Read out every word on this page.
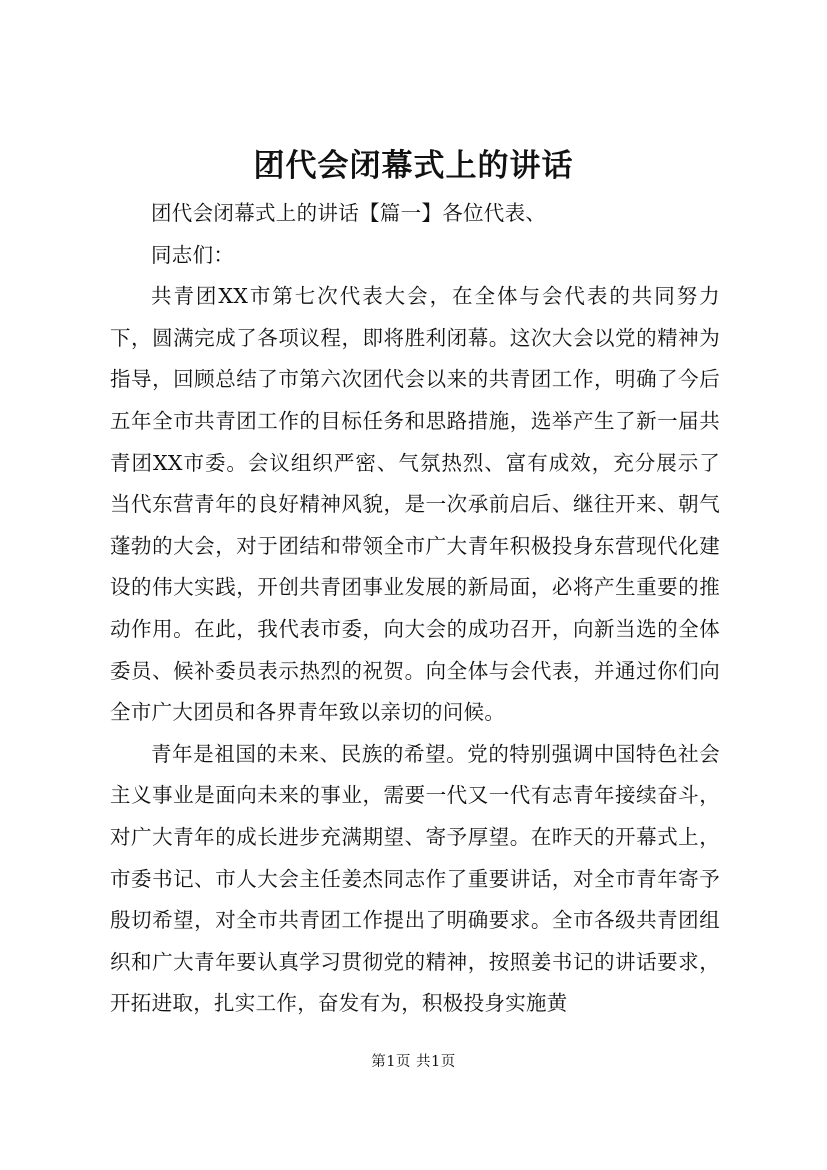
团代会闭幕式上的讲话

团代会闭幕式上的讲话【篇一】各位代表、

同志们：

共青团XX市第七次代表大会，在全体与会代表的共同努力下，圆满完成了各项议程，即将胜利闭幕。这次大会以党的精神为指导，回顾总结了市第六次团代会以来的共青团工作，明确了今后五年全市共青团工作的目标任务和思路措施，选举产生了新一届共青团XX市委。会议组织严密、气氛热烈、富有成效，充分展示了当代东营青年的良好精神风貌，是一次承前启后、继往开来、朝气蓬勃的大会，对于团结和带领全市广大青年积极投身东营现代化建设的伟大实践，开创共青团事业发展的新局面，必将产生重要的推动作用。在此，我代表市委，向大会的成功召开，向新当选的全体委员、候补委员表示热烈的祝贺。向全体与会代表，并通过你们向全市广大团员和各界青年致以亲切的问候。

青年是祖国的未来、民族的希望。党的特别强调中国特色社会主义事业是面向未来的事业，需要一代又一代有志青年接续奋斗，对广大青年的成长进步充满期望、寄予厚望。在昨天的开幕式上，市委书记、市人大会主任姜杰同志作了重要讲话，对全市青年寄予殷切希望，对全市共青团工作提出了明确要求。全市各级共青团组织和广大青年要认真学习贯彻党的精神，按照姜书记的讲话要求，开拓进取，扎实工作，奋发有为，积极投身实施黄

第1页 共1页
